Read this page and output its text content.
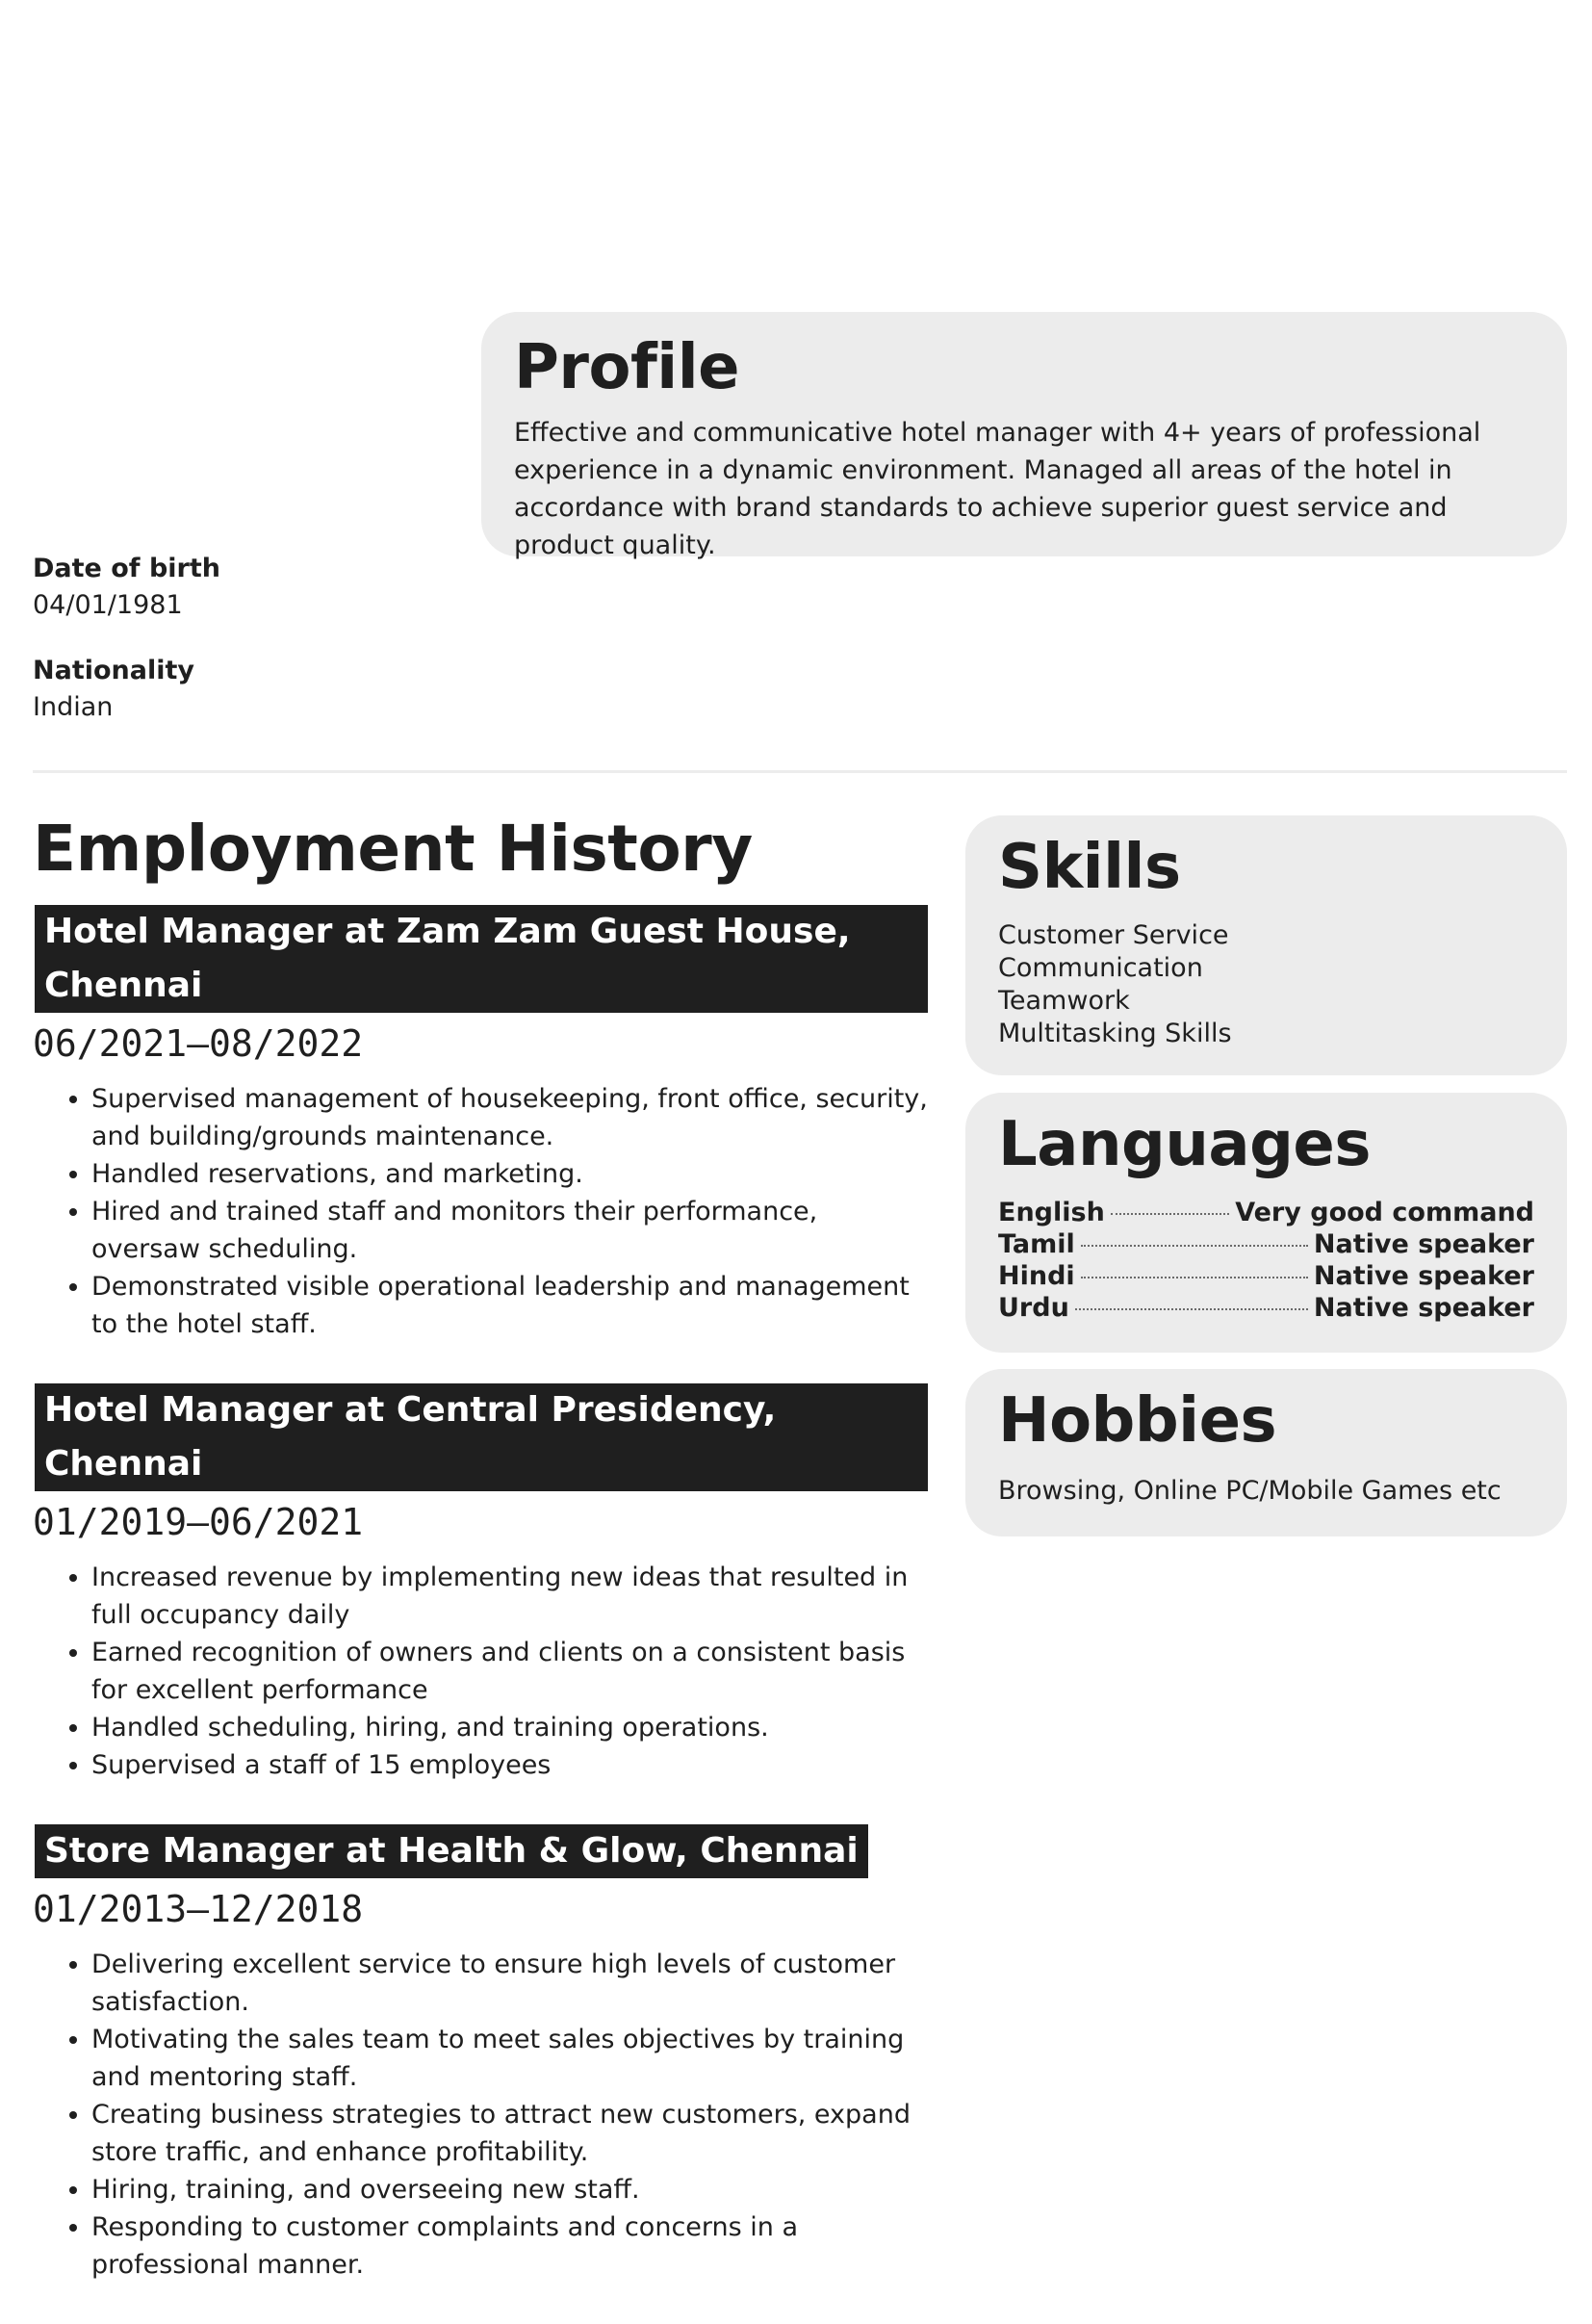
Profile

Effective and communicative hotel manager with 4+ years of professional experience in a dynamic environment. Managed all areas of the hotel in accordance with brand standards to achieve superior guest service and product quality.

Date of birth
04/01/1981
Nationality
Indian
Employment History
Hotel Manager at Zam Zam Guest House, Chennai
06/2021—08/2022
• Supervised management of housekeeping, front office, security, and building/grounds maintenance.
• Handled reservations, and marketing.
• Hired and trained staff and monitors their performance, oversaw scheduling.
• Demonstrated visible operational leadership and management to the hotel staff.
Hotel Manager at Central Presidency, Chennai
01/2019—06/2021
• Increased revenue by implementing new ideas that resulted in full occupancy daily
• Earned recognition of owners and clients on a consistent basis for excellent performance
• Handled scheduling, hiring, and training operations.
• Supervised a staff of 15 employees
Store Manager at Health & Glow, Chennai
01/2013—12/2018
• Delivering excellent service to ensure high levels of customer satisfaction.
• Motivating the sales team to meet sales objectives by training and mentoring staff.
• Creating business strategies to attract new customers, expand store traffic, and enhance profitability.
• Hiring, training, and overseeing new staff.
• Responding to customer complaints and concerns in a professional manner.
Skills
Customer Service
Communication
Teamwork
Multitasking Skills
Languages
English	Very good command
Tamil	Native speaker
Hindi	Native speaker
Urdu	Native speaker
Hobbies
Browsing, Online PC/Mobile Games etc
